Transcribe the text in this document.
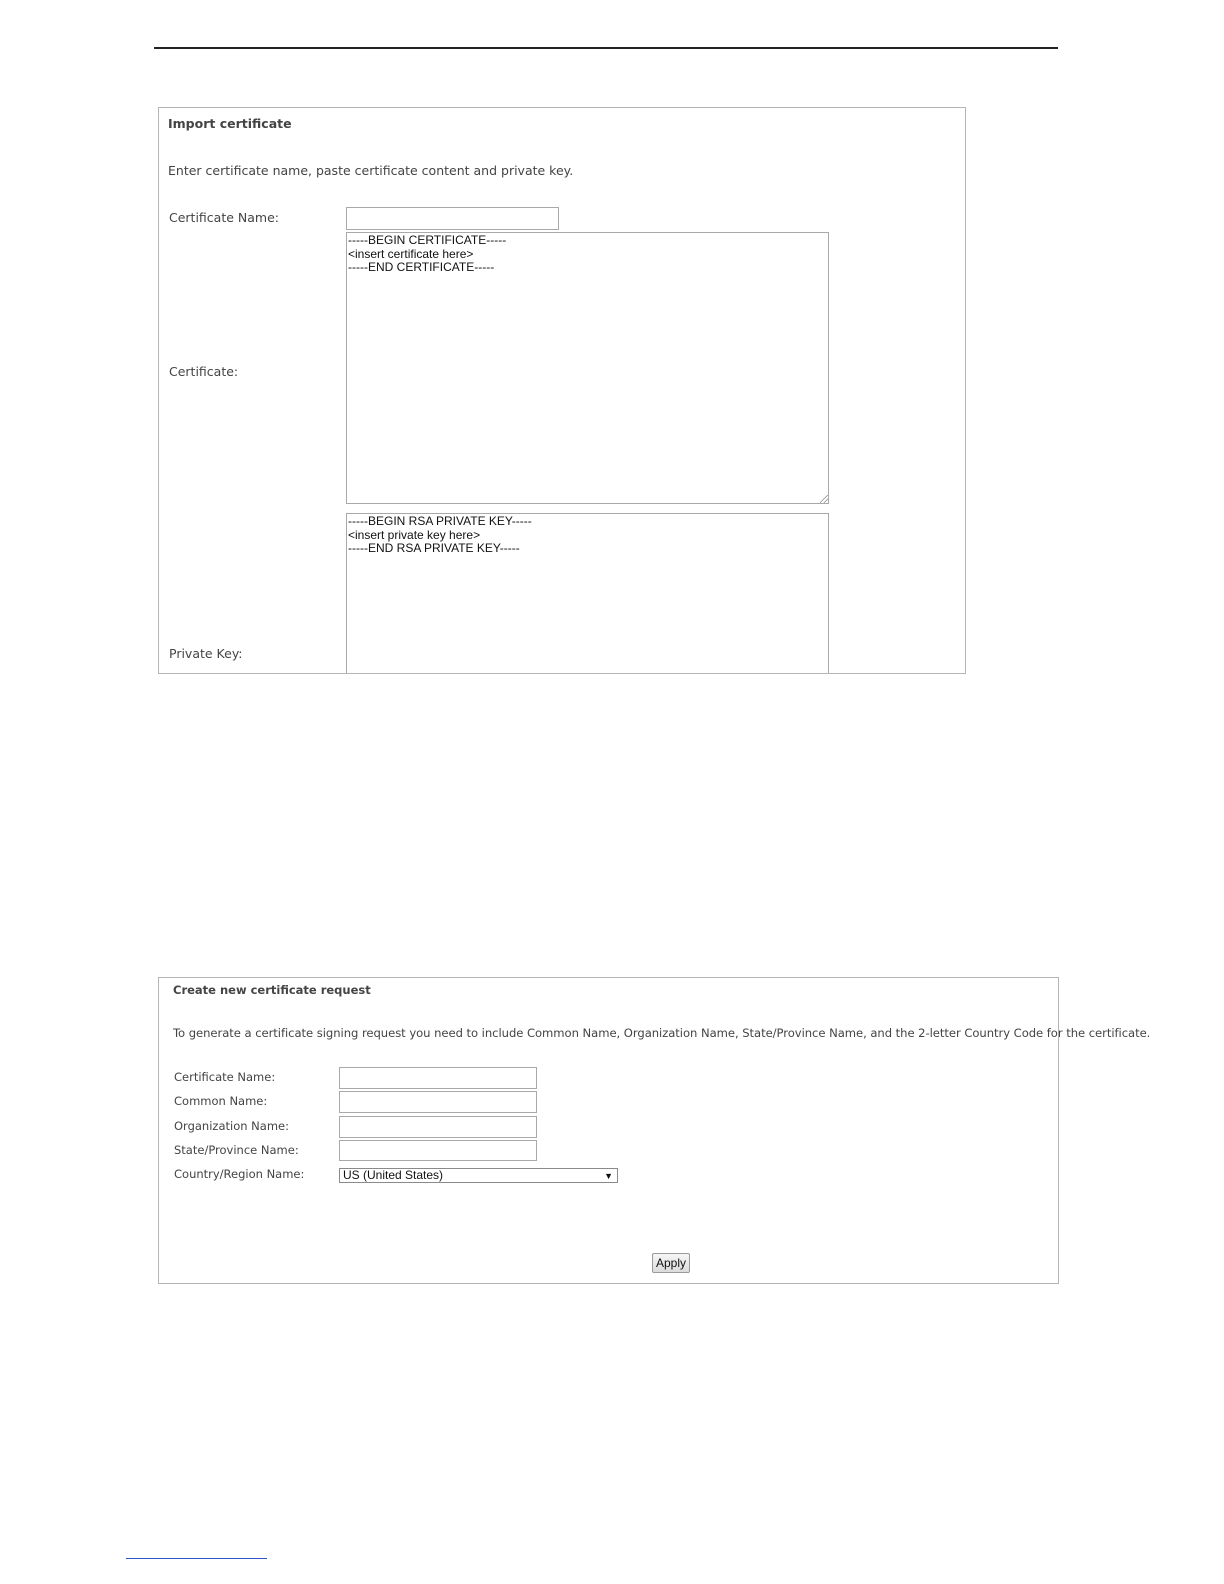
Import certificate
Enter certificate name, paste certificate content and private key.
Certificate Name:
Certificate:
-----BEGIN CERTIFICATE----- <insert certificate here> -----END CERTIFICATE-----
Private Key:
-----BEGIN RSA PRIVATE KEY----- <insert private key here> -----END RSA PRIVATE KEY-----
Create new certificate request
To generate a certificate signing request you need to include Common Name, Organization Name, State/Province Name, and the 2-letter Country Code for the certificate.
Certificate Name:
Common Name:
Organization Name:
State/Province Name:
Country/Region Name:	US (United States)	▼
Apply
